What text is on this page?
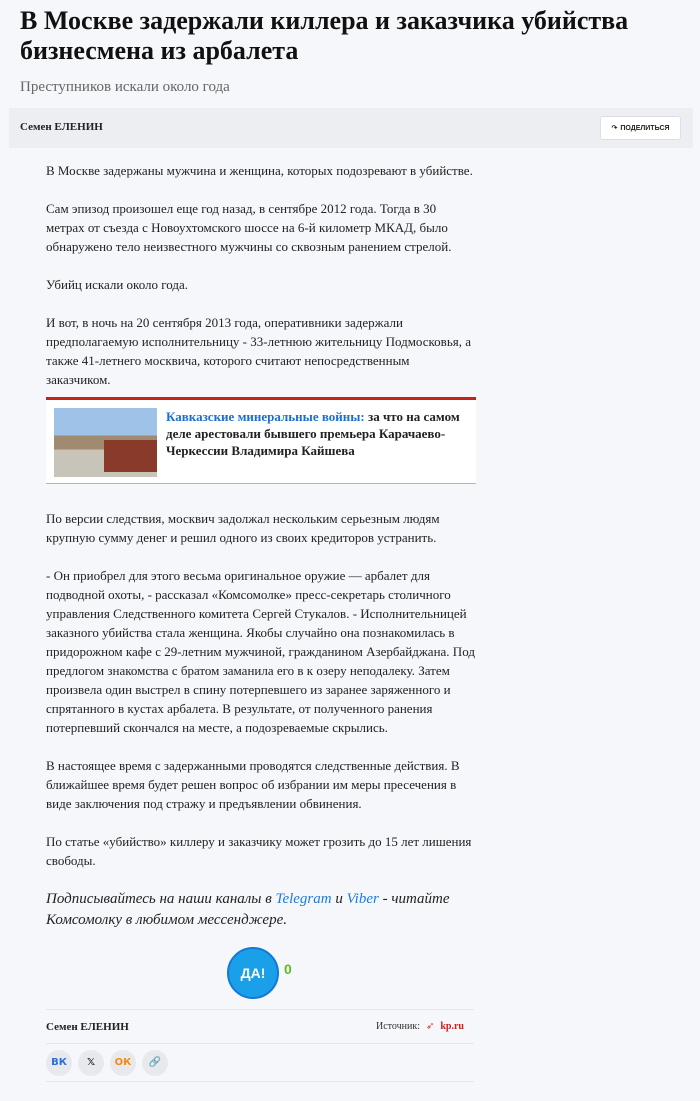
В Москве задержали киллера и заказчика убийства бизнесмена из арбалета
Преступников искали около года
Семен ЕЛЕНИН	↷ ПОДЕЛИТЬСЯ

В Москве задержаны мужчина и женщина, которых подозревают в убийстве.

Сам эпизод произошел еще год назад, в сентябре 2012 года. Тогда в 30 метрах от съезда с Новоухтомского шоссе на 6-й километр МКАД, было обнаружено тело неизвестного мужчины со сквозным ранением стрелой.

Убийц искали около года.

И вот, в ночь на 20 сентября 2013 года, оперативники задержали предполагаемую исполнительницу - 33-летнюю жительницу Подмосковья, а также 41-летнего москвича, которого считают непосредственным заказчиком.

Кавказские минеральные войны: за что на самом деле арестовали бывшего премьера Карачаево-Черкессии Владимира Кайшева

По версии следствия, москвич задолжал нескольким серьезным людям крупную сумму денег и решил одного из своих кредиторов устранить.

- Он приобрел для этого весьма оригинальное оружие — арбалет для подводной охоты, - рассказал «Комсомолке» пресс-секретарь столичного управления Следственного комитета Сергей Стукалов. - Исполнительницей заказного убийства стала женщина. Якобы случайно она познакомилась в придорожном кафе с 29-летним мужчиной, гражданином Азербайджана. Под предлогом знакомства с братом заманила его в к озеру неподалеку. Затем произвела один выстрел в спину потерпевшего из заранее заряженного и спрятанного в кустах арбалета. В результате, от полученного ранения потерпевший скончался на месте, а подозреваемые скрылись.

В настоящее время с задержанными проводятся следственные действия. В ближайшее время будет решен вопрос об избрании им меры пресечения в виде заключения под стражу и предъявлении обвинения.

По статье «убийство» киллеру и заказчику может грозить до 15 лет лишения свободы.

Подписывайтесь на наши каналы в Telegram и Viber - читайте Комсомолку в любимом мессенджере.
ДА! 0
Семен ЕЛЕНИН	Источник: ➶ kp.ru
ВК	𝕏	ОК	🔗
